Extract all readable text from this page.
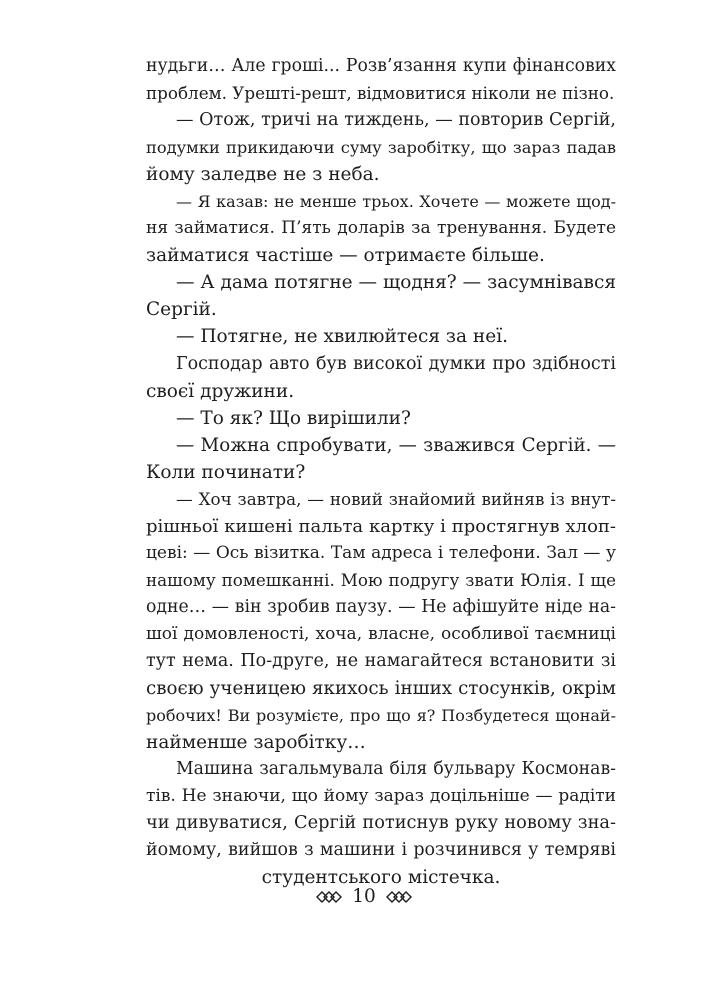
нудьги… Але гроші... Розв’язання купи фінансових
проблем. Урешті-решт, відмовитися ніколи не пізно.
— Отож, тричі на тиждень, — повторив Сергій,
подумки прикидаючи суму заробітку, що зараз падав
йому заледве не з неба.
— Я казав: не менше трьох. Хочете — можете щод-
ня займатися. П’ять доларів за тренування. Будете
займатися частіше — отримаєте більше.
— А дама потягне — щодня? — засумнівався
Сергій.
— Потягне, не хвилюйтеся за неї.
Господар авто був високої думки про здібності
своєї дружини.
— То як? Що вирішили?
— Можна спробувати, — зважився Сергій. —
Коли починати?
— Хоч завтра, — новий знайомий вийняв із внут-
рішньої кишені пальта картку і простягнув хлоп-
цеві: — Ось візитка. Там адреса і телефони. Зал — у
нашому помешканні. Мою подругу звати Юлія. І ще
одне… — він зробив паузу. — Не афішуйте ніде на-
шої домовленості, хоча, власне, особливої таємниці
тут нема. По-друге, не намагайтеся встановити зі
своєю ученицею якихось інших стосунків, окрім
робочих! Ви розумієте, про що я? Позбудетеся щонай-
найменше заробітку…
Машина загальмувала біля бульвару Космонав-
тів. Не знаючи, що йому зараз доцільніше — радіти
чи дивуватися, Сергій потиснув руку новому зна-
йомому, вийшов з машини і розчинився у темряві
студентського містечка.
10
